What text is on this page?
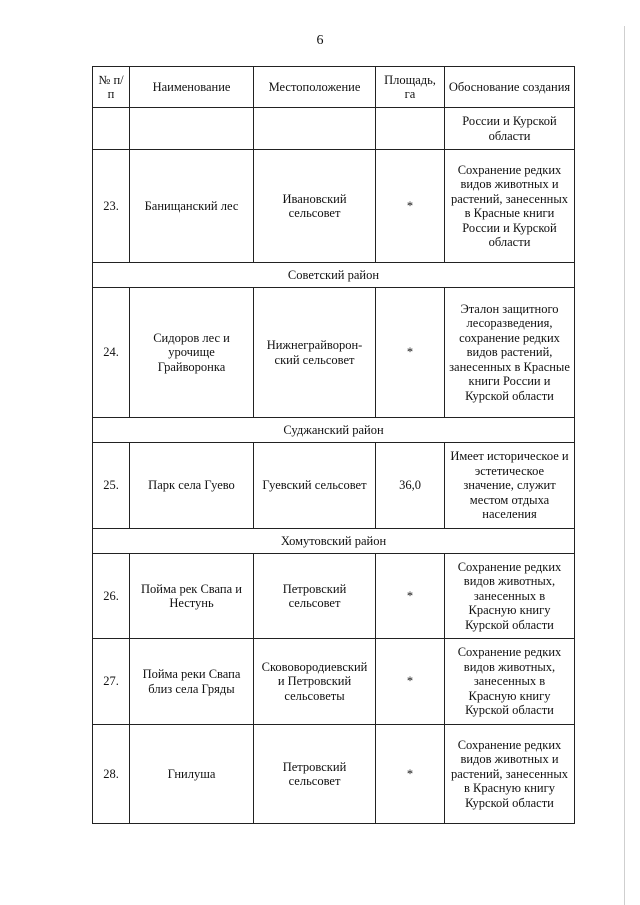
6
№ п/п	Наименование	Местоположение	Площадь, га	Обоснование создания
				России и Курской области
23.	Банищанский лес	Ивановский сельсовет	*	Сохранение редких видов животных и растений, занесенных в Красные книги России и Курской области
Советский район				
24.	Сидоров лес и урочище Грайворонка	Нижнеграйворон-ский сельсовет	*	Эталон защитного лесоразведения, сохранение редких видов растений, занесенных в Красные книги России и Курской области
Суджанский район				
25.	Парк села Гуево	Гуевский сельсовет	36,0	Имеет историческое и эстетическое значение, служит местом отдыха населения
Хомутовский район				
26.	Пойма рек Свапа и Нестунь	Петровский сельсовет	*	Сохранение редких видов животных, занесенных в Красную книгу Курской области
27.	Пойма реки Свапа близ села Гряды	Скововородиевский и Петровский сельсоветы	*	Сохранение редких видов животных, занесенных в Красную книгу Курской области
28.	Гнилуша	Петровский сельсовет	*	Сохранение редких видов животных и растений, занесенных в Красную книгу Курской области
